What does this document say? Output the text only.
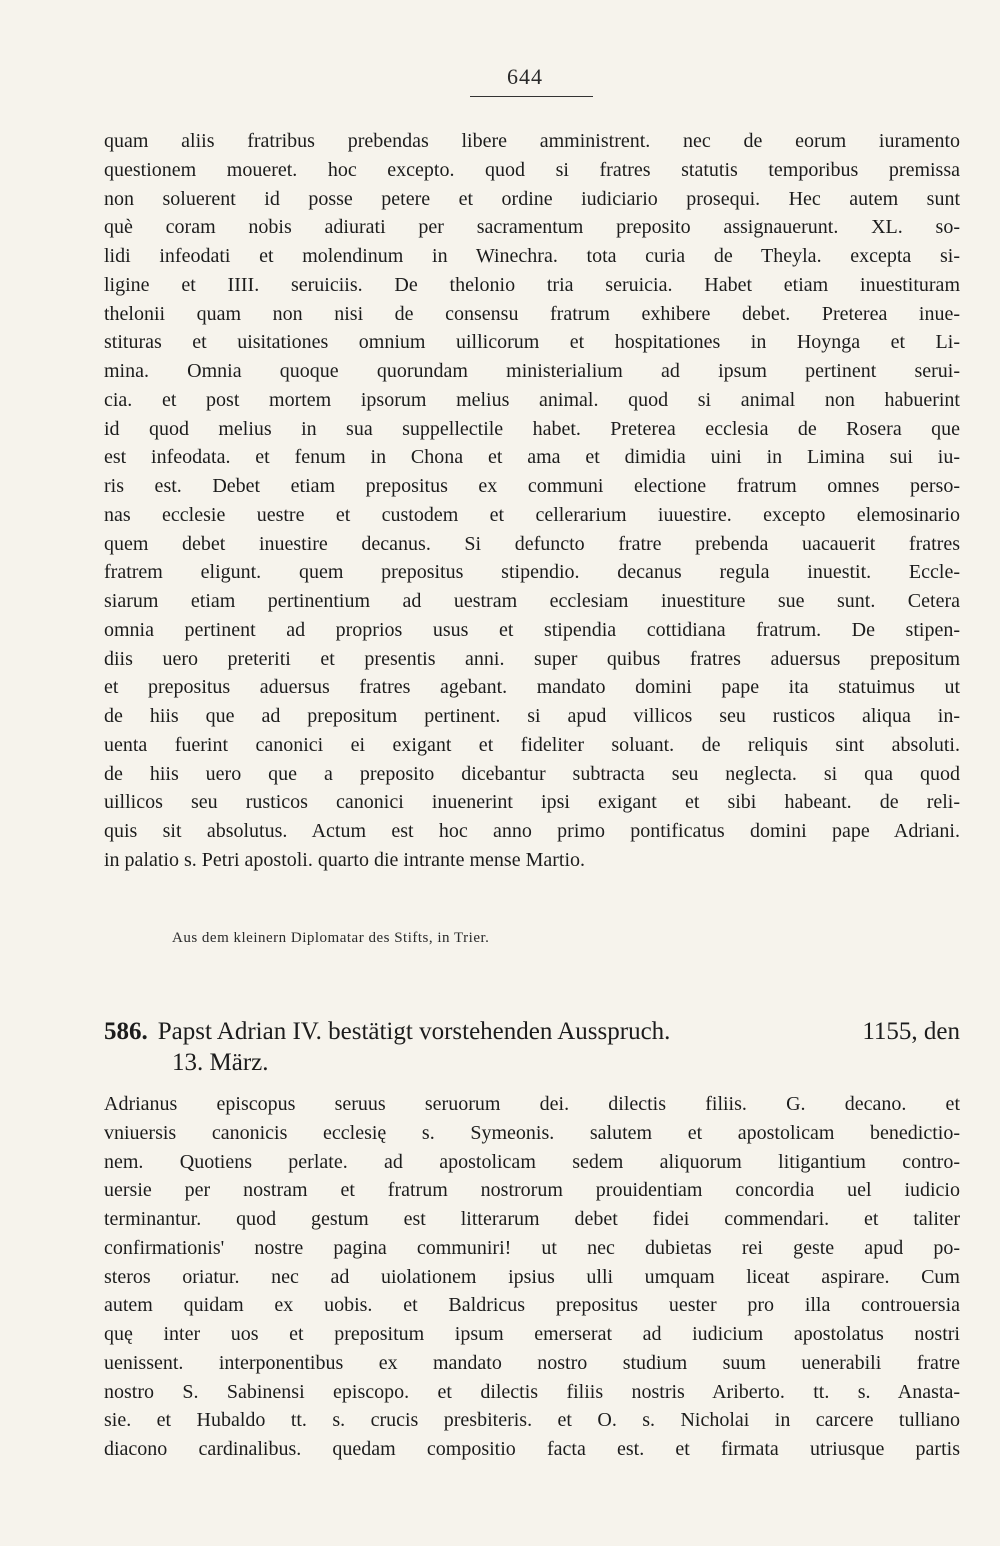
644
quam aliis fratribus prebendas libere amministrent. nec de eorum iuramento
questionem moueret. hoc excepto. quod si fratres statutis temporibus premissa
non soluerent id posse petere et ordine iudiciario prosequi. Hec autem sunt
què coram nobis adiurati per sacramentum preposito assignauerunt. XL. so-
lidi infeodati et molendinum in Winechra. tota curia de Theyla. excepta si-
ligine et IIII. seruiciis. De thelonio tria seruicia. Habet etiam inuestituram
thelonii quam non nisi de consensu fratrum exhibere debet. Preterea inue-
stituras et uisitationes omnium uillicorum et hospitationes in Hoynga et Li-
mina. Omnia quoque quorundam ministerialium ad ipsum pertinent serui-
cia. et post mortem ipsorum melius animal. quod si animal non habuerint
id quod melius in sua suppellectile habet. Preterea ecclesia de Rosera que
est infeodata. et fenum in Chona et ama et dimidia uini in Limina sui iu-
ris est. Debet etiam prepositus ex communi electione fratrum omnes perso-
nas ecclesie uestre et custodem et cellerarium iuuestire. excepto elemosinario
quem debet inuestire decanus. Si defuncto fratre prebenda uacauerit fratres
fratrem eligunt. quem prepositus stipendio. decanus regula inuestit. Eccle-
siarum etiam pertinentium ad uestram ecclesiam inuestiture sue sunt. Cetera
omnia pertinent ad proprios usus et stipendia cottidiana fratrum. De stipen-
diis uero preteriti et presentis anni. super quibus fratres aduersus prepositum
et prepositus aduersus fratres agebant. mandato domini pape ita statuimus ut
de hiis que ad prepositum pertinent. si apud villicos seu rusticos aliqua in-
uenta fuerint canonici ei exigant et fideliter soluant. de reliquis sint absoluti.
de hiis uero que a preposito dicebantur subtracta seu neglecta. si qua quod
uillicos seu rusticos canonici inuenerint ipsi exigant et sibi habeant. de reli-
quis sit absolutus. Actum est hoc anno primo pontificatus domini pape Adriani.
in palatio s. Petri apostoli. quarto die intrante mense Martio.
Aus dem kleinern Diplomatar des Stifts, in Trier.
586. Papst Adrian IV. bestätigt vorstehenden Ausspruch.	1155, den
13. März.
Adrianus episcopus seruus seruorum dei. dilectis filiis. G. decano. et
vniuersis canonicis ecclesię s. Symeonis. salutem et apostolicam benedictio-
nem. Quotiens perlate. ad apostolicam sedem aliquorum litigantium contro-
uersie per nostram et fratrum nostrorum prouidentiam concordia uel iudicio
terminantur. quod gestum est litterarum debet fidei commendari. et taliter
confirmationis' nostre pagina communiri! ut nec dubietas rei geste apud po-
steros oriatur. nec ad uiolationem ipsius ulli umquam liceat aspirare. Cum
autem quidam ex uobis. et Baldricus prepositus uester pro illa controuersia
quę inter uos et prepositum ipsum emerserat ad iudicium apostolatus nostri
uenissent. interponentibus ex mandato nostro studium suum uenerabili fratre
nostro S. Sabinensi episcopo. et dilectis filiis nostris Ariberto. tt. s. Anasta-
sie. et Hubaldo tt. s. crucis presbiteris. et O. s. Nicholai in carcere tulliano
diacono cardinalibus. quedam compositio facta est. et firmata utriusque partis
